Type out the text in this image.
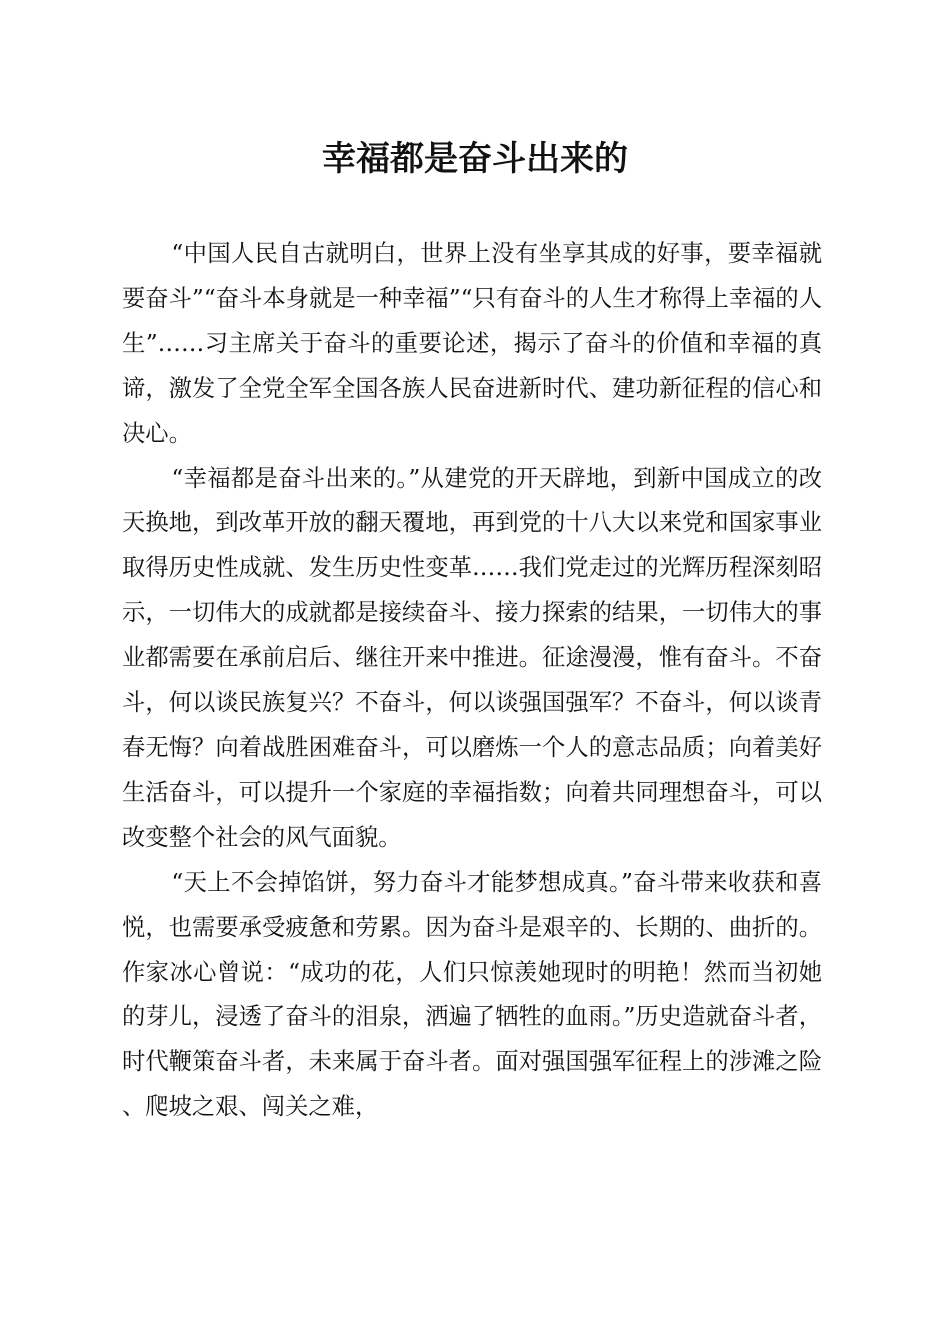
幸福都是奋斗出来的

“中国人民自古就明白，世界上没有坐享其成的好事，要幸福就要奋斗”“奋斗本身就是一种幸福”“只有奋斗的人生才称得上幸福的人生”……习主席关于奋斗的重要论述，揭示了奋斗的价值和幸福的真谛，激发了全党全军全国各族人民奋进新时代、建功新征程的信心和决心。

“幸福都是奋斗出来的。”从建党的开天辟地，到新中国成立的改天换地，到改革开放的翻天覆地，再到党的十八大以来党和国家事业取得历史性成就、发生历史性变革……我们党走过的光辉历程深刻昭示，一切伟大的成就都是接续奋斗、接力探索的结果，一切伟大的事业都需要在承前启后、继往开来中推进。征途漫漫，惟有奋斗。不奋斗，何以谈民族复兴？不奋斗，何以谈强国强军？不奋斗，何以谈青春无悔？向着战胜困难奋斗，可以磨炼一个人的意志品质；向着美好生活奋斗，可以提升一个家庭的幸福指数；向着共同理想奋斗，可以改变整个社会的风气面貌。

“天上不会掉馅饼，努力奋斗才能梦想成真。”奋斗带来收获和喜悦，也需要承受疲惫和劳累。因为奋斗是艰辛的、长期的、曲折的。作家冰心曾说：“成功的花，人们只惊羡她现时的明艳！然而当初她的芽儿，浸透了奋斗的泪泉，洒遍了牺牲的血雨。”历史造就奋斗者，时代鞭策奋斗者，未来属于奋斗者。面对强国强军征程上的涉滩之险、爬坡之艰、闯关之难，
